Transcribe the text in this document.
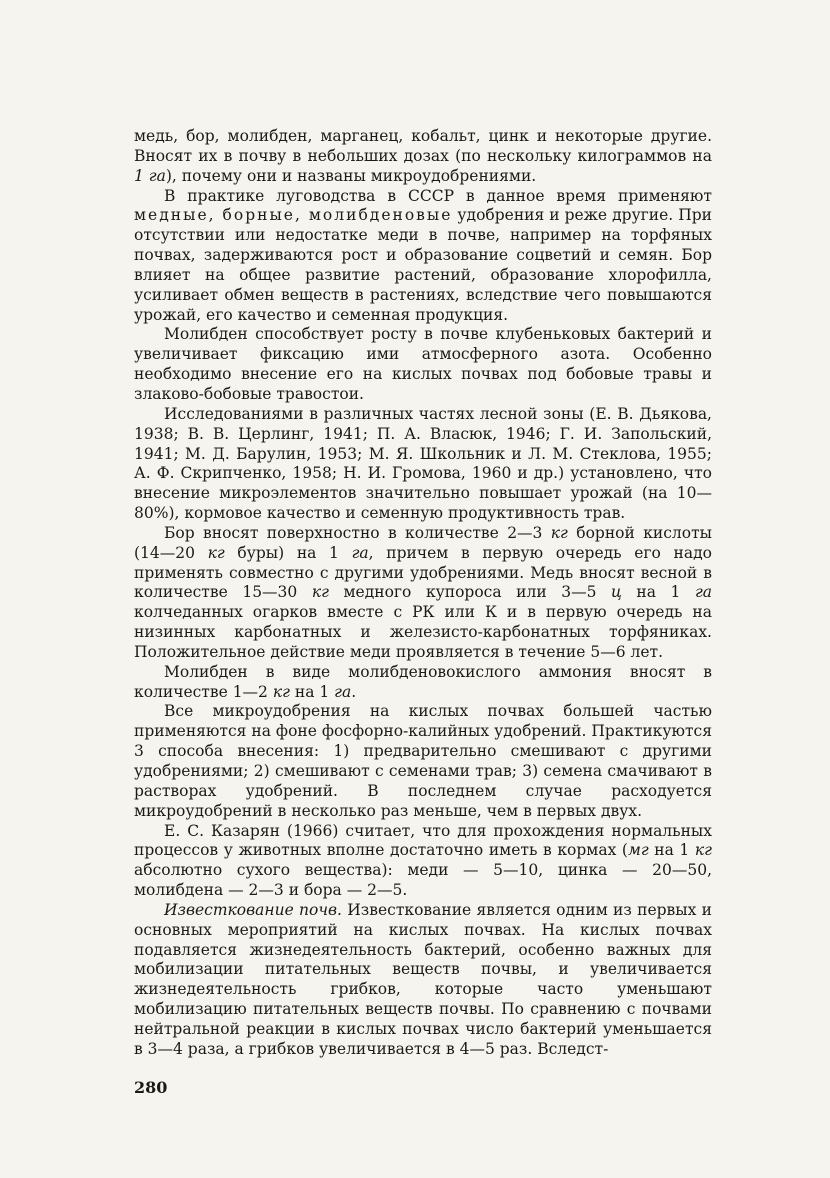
медь, бор, молибден, марганец, кобальт, цинк и некоторые другие. Вносят их в почву в небольших дозах (по нескольку килограммов на 1 га), почему они и названы микроудобрениями.

В практике луговодства в СССР в данное время применяют медные, борные, молибденовые удобрения и реже другие. При отсутствии или недостатке меди в почве, например на торфяных почвах, задерживаются рост и образование соцветий и семян. Бор влияет на общее развитие растений, образование хлорофилла, усиливает обмен веществ в растениях, вследствие чего повышаются урожай, его качество и семенная продукция.

Молибден способствует росту в почве клубеньковых бактерий и увеличивает фиксацию ими атмосферного азота. Особенно необходимо внесение его на кислых почвах под бобовые травы и злаково-бобовые травостои.

Исследованиями в различных частях лесной зоны (Е. В. Дьякова, 1938; В. В. Церлинг, 1941; П. А. Власюк, 1946; Г. И. Запольский, 1941; М. Д. Барулин, 1953; М. Я. Школьник и Л. М. Стеклова, 1955; А. Ф. Скрипченко, 1958; Н. И. Громова, 1960 и др.) установлено, что внесение микроэлементов значительно повышает урожай (на 10—80%), кормовое качество и семенную продуктивность трав.

Бор вносят поверхностно в количестве 2—3 кг борной кислоты (14—20 кг буры) на 1 га, причем в первую очередь его надо применять совместно с другими удобрениями. Медь вносят весной в количестве 15—30 кг медного купороса или 3—5 ц на 1 га колчеданных огарков вместе с РК или К и в первую очередь на низинных карбонатных и железисто-карбонатных торфяниках. Положительное действие меди проявляется в течение 5—6 лет.

Молибден в виде молибденовокислого аммония вносят в количестве 1—2 кг на 1 га.

Все микроудобрения на кислых почвах большей частью применяются на фоне фосфорно-калийных удобрений. Практикуются 3 способа внесения: 1) предварительно смешивают с другими удобрениями; 2) смешивают с семенами трав; 3) семена смачивают в растворах удобрений. В последнем случае расходуется микроудобрений в несколько раз меньше, чем в первых двух.

Е. С. Казарян (1966) считает, что для прохождения нормальных процессов у животных вполне достаточно иметь в кормах (мг на 1 кг абсолютно сухого вещества): меди — 5—10, цинка — 20—50, молибдена — 2—3 и бора — 2—5.

Известкование почв. Известкование является одним из первых и основных мероприятий на кислых почвах. На кислых почвах подавляется жизнедеятельность бактерий, особенно важных для мобилизации питательных веществ почвы, и увеличивается жизнедеятельность грибков, которые часто уменьшают мобилизацию питательных веществ почвы. По сравнению с почвами нейтральной реакции в кислых почвах число бактерий уменьшается в 3—4 раза, а грибков увеличивается в 4—5 раз. Вследст-

280
